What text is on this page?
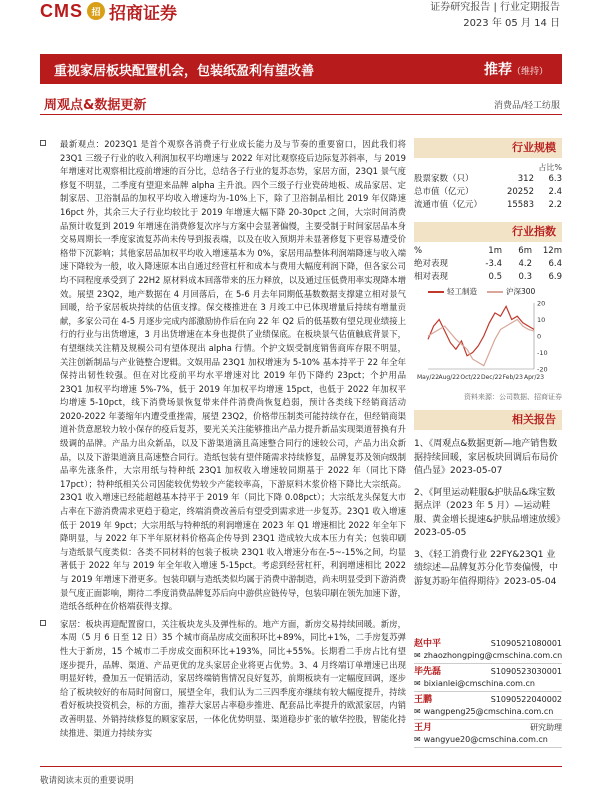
CMS 招 招商证券	证券研究报告 | 行业定期报告
2023 年 05 月 14 日
重视家居板块配置机会，包装纸盈利有望改善	推荐（维持）
周观点&数据更新	消费品/轻工纺服
最新观点：2023Q1 是首个观察各消费子行业成长能力及与节奏的重要窗口，因此我们将 23Q1 三级子行业的收入利润加权平均增速与 2022 年对比观察疫后边际复苏斜率，与 2019 年增速对比观察相比疫前增速的百分比，总结各子行业的复苏态势，家居方面，23Q1 景气度修复不明显，二季度有望迎来品牌 alpha 主升浪。四个三级子行业瓷砖地板、成品家居、定制家居、卫浴制品的加权平均收入增速均为-10%上下，除了卫浴制品相比 2019 年仅降速 16pct 外，其余三大子行业均较比于 2019 年增速大幅下降 20-30pct 之间，大宗时间消费品预计收复到 2019 年增速在消费修复次序与方案中会显著偏慢，主要受制于时间家居品本身交易周期长一季度家流复苏尚未传导到报表端，以及在收入预期并未显著修复下更容易遭受价格带下沉影响；其他家居品加权平均收入增速基本为 0%，家居用品整体利润端降速与收入端速下降较为一般，收入降速原本出自通过经营杠杆和成本与费用大幅度利润下降，但各家公司均不同程度承受到了 22H2 原材料成本回落带来的压力释放，以及通过压低费用率实现降本增效。展望 23Q2，地产数据在 4 月回落后，在 5-6 月去年同期低基数数据支撑建立相对景气回暖，给予家居板块持续的估值支撑。保交楼推进在 3 月竣工中已体现增量后持续有增量贡献，多家公司在 4-5 月逐步完成内部激励协作后在向 22 年 Q2 后的低基数有望兑现业绩接上行的行业与出货增速，3 月出货增速在本身也提供了业绩保底。在板块景气估值触底背景下，有望继续关注精及规模公司有望体现出 alpha 行情。个护文娱受制度销售商库存限不明显，关注创新制品与产业链整合逻辑。文娱用品 23Q1 加权增速为 5-10% 基本持平于 22 年全年保持出韧性较强。但在对比疫前平均水平增速对比 2019 年仍下降约 23pct；个护用品 23Q1 加权平均增速 5%-7%，低于 2019 年加权平均增速 15pct，也低于 2022 年加权平均增速 5-10pct，线下消费场景恢复带来伴件消费尚恢复趋弱，预计各类线下经销商活动 2020-2022 年萎缩年内遭受重挫需，展望 23Q2，价格带压制类可能持续存在，但经销商渠道补货意愿较力较小保存的疫后复苏，要光关关注能够推出产品力提升新品实现渠道替换有升级调的品牌。产品力出众新品，以及下游渠道滴且高速整合同行的速较公司，产品力出众新品，以及下游渠道滴且高速整合同行。造纸包装有望伴随需求持续修复，品牌复苏及领向级制品率先涨条件，大宗用纸与特种纸 23Q1 加权收入增速较同期基于 2022 年（同比下降 17pct）；特种纸相关公司因能较优势较少产能较率高，下游原料木浆价格下降比大宗纸高。23Q1 收入增速已经能超越基本持平于 2019 年（同比下降 0.08pct）；大宗纸龙头保复大市占率在下游消费需求更趋于稳定，终端消费改善后有望受到需求进一步复苏。23Q1 收入增速低于 2019 年 9pct；大宗用纸与特种纸的利润增速在 2023 年 Q1 增速相比 2022 年全年下降明显，与 2022 年下半年原材料价格高企传导到 23Q1 造成较大成本压力有关；包装印刷与造纸景气度类似：各类不同材料的包装子板块 23Q1 收入增速分布在-5~-15%之间，均显著低于 2022 年与 2019 年全年收入增速 5-15pct。考虑到经营杠杆，利润增速相比 2022 与 2019 年增速下滑更多。包装印刷与造纸类似均属于消费中游制造，尚未明显受到下游消费景气度正面影响，期待二季度消费品牌复苏后向中游供应链传导，包装印刷在领先加速下游，造纸各纸种在价格端获得支撑。
家居：板块再迎配置窗口，关注板块龙头及弹性标的。地产方面，新房交易持续回暖。新房，本周（5 月 6 日至 12 日）35 个城市商品房成交面积环比+89%，同比+1%，二手房复苏弹性大于新房，15 个城市二手房成交面积环比+193%，同比+55%。长期看二手房占比有望逐步提升，品牌、渠道、产品更优的龙头家居企业将更占优势。3、4 月终端订单增速已出现明显好转，叠加五一促销活动，家居终端销售情况良好复苏，前期板块有一定幅度回调，逐步给了板块较好的布局时间窗口，展望全年，我们认为二三四季度亦继续有较大幅度提升，持续看好板块投资机会，标的方面，推荐大家居占率稳步推进、配套品比率提升的欧派家居，内销改善明显、外销持续修复的顾家家居，一体化优势明显、渠道稳步扩张的敏华控股，智能化持续推进、渠道力持续夯实
行业规模
占比%
股票家数（只）	312	6.3
总市值（亿元）	20252	2.4
流通市值（亿元）	15583	2.2
行业指数
%	1m	6m	12m
绝对表现	-3.4	4.2	6.4
相对表现	0.5	0.3	6.9
轻工制造	沪深300
20
10
0
-10
-20
May/22 Aug/22 Oct/22 Dec/22 Feb/23 Apr/23
资料来源：公司数据、招商证券
相关报告
1、《周观点&数据更新—地产销售数据持续回暖，家居板块回调后布局价值凸显》2023-05-07
2、《阿里运动鞋服&护肤品&珠宝数据点评（2023 年 5 月）—运动鞋服、黄金增长提速&护肤品增速放缓》2023-05-05
3、《轻工消费行业 22FY&23Q1 业绩综述—品牌复苏分化节奏偏慢，中游复苏盼年值得期待》2023-05-04
赵中平	S1090521080001
✉ zhaozhongping@cmschina.com.cn
毕先磊	S1090523030001
✉ bixianlei@cmschina.com.cn
王鹏	S1090522040002
✉ wangpeng25@cmschina.com.cn
王月	研究助理
✉ wangyue20@cmschina.com.cn
敬请阅读末页的重要说明
